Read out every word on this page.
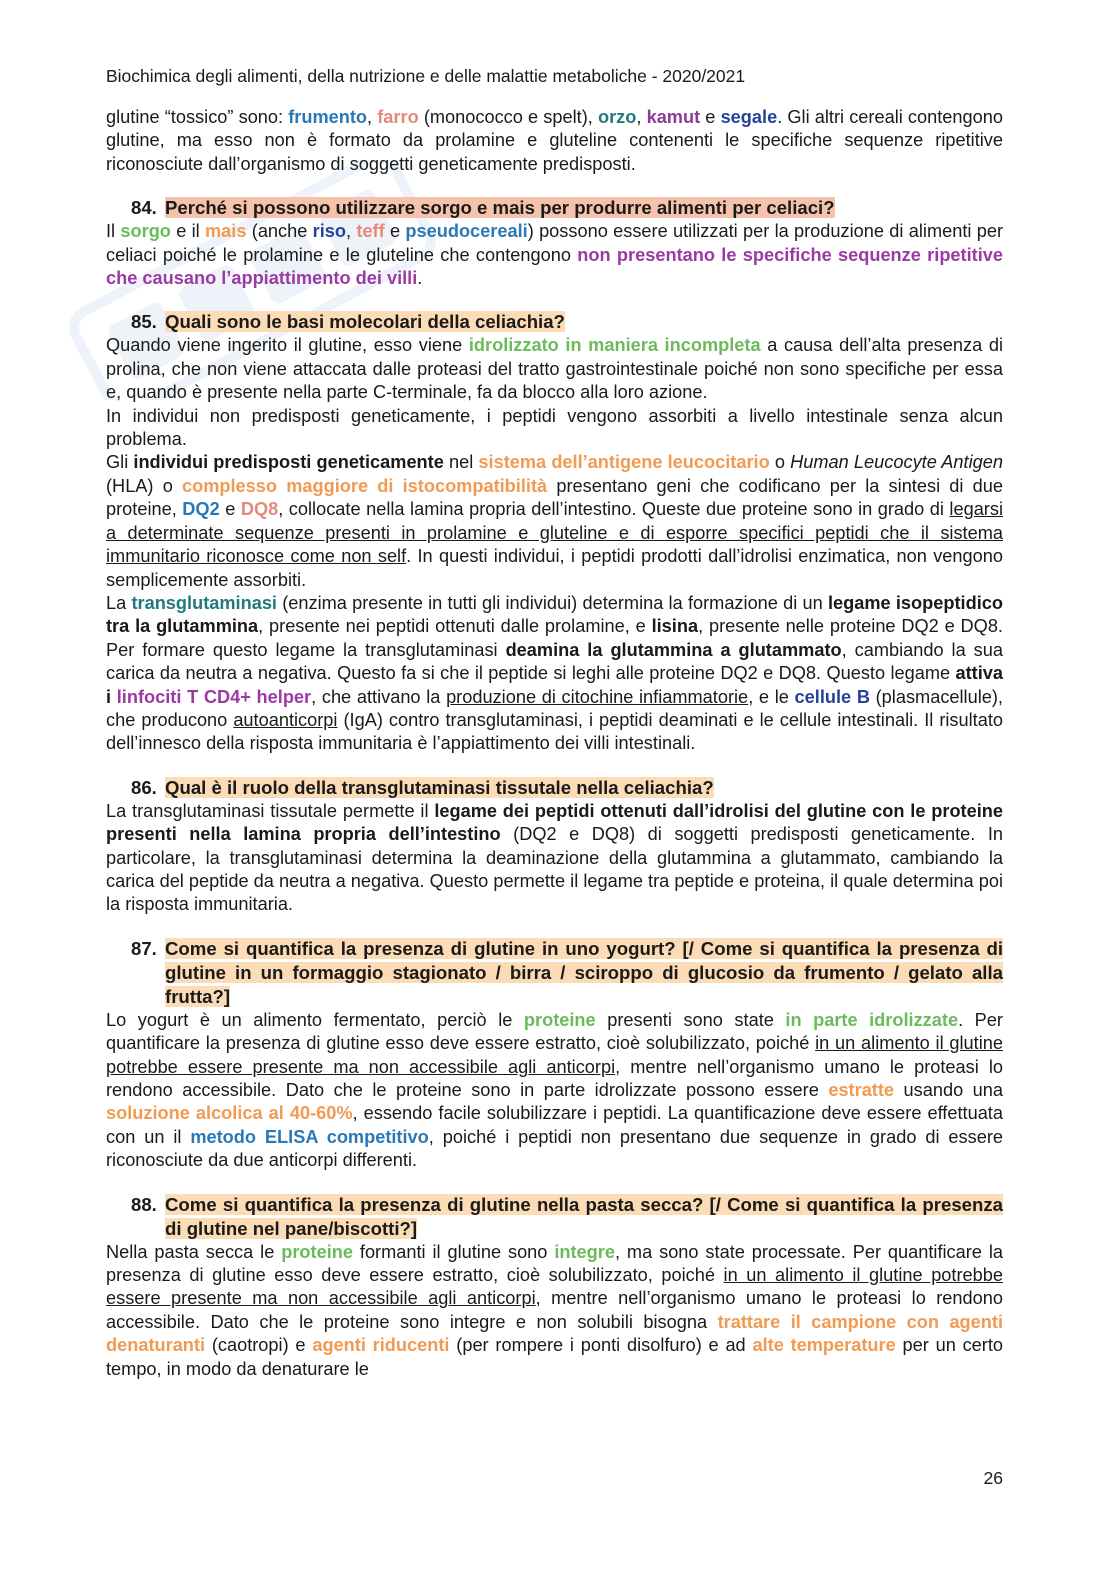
Biochimica degli alimenti, della nutrizione e delle malattie metaboliche - 2020/2021

glutine “tossico” sono: frumento, farro (monococco e spelt), orzo, kamut e segale. Gli altri cereali contengono glutine, ma esso non è formato da prolamine e gluteline contenenti le specifiche sequenze ripetitive riconosciute dall’organismo di soggetti geneticamente predisposti.

84. Perché si possono utilizzare sorgo e mais per produrre alimenti per celiaci?

Il sorgo e il mais (anche riso, teff e pseudocereali) possono essere utilizzati per la produzione di alimenti per celiaci poiché le prolamine e le gluteline che contengono non presentano le specifiche sequenze ripetitive che causano l’appiattimento dei villi.

85. Quali sono le basi molecolari della celiachia?

Quando viene ingerito il glutine, esso viene idrolizzato in maniera incompleta a causa dell’alta presenza di prolina, che non viene attaccata dalle proteasi del tratto gastrointestinale poiché non sono specifiche per essa e, quando è presente nella parte C-terminale, fa da blocco alla loro azione.

In individui non predisposti geneticamente, i peptidi vengono assorbiti a livello intestinale senza alcun problema.

Gli individui predisposti geneticamente nel sistema dell’antigene leucocitario o Human Leucocyte Antigen (HLA) o complesso maggiore di istocompatibilità presentano geni che codificano per la sintesi di due proteine, DQ2 e DQ8, collocate nella lamina propria dell’intestino. Queste due proteine sono in grado di legarsi a determinate sequenze presenti in prolamine e gluteline e di esporre specifici peptidi che il sistema immunitario riconosce come non self. In questi individui, i peptidi prodotti dall’idrolisi enzimatica, non vengono semplicemente assorbiti.

La transglutaminasi (enzima presente in tutti gli individui) determina la formazione di un legame isopeptidico tra la glutammina, presente nei peptidi ottenuti dalle prolamine, e lisina, presente nelle proteine DQ2 e DQ8. Per formare questo legame la transglutaminasi deamina la glutammina a glutammato, cambiando la sua carica da neutra a negativa. Questo fa si che il peptide si leghi alle proteine DQ2 e DQ8. Questo legame attiva i linfociti T CD4+ helper, che attivano la produzione di citochine infiammatorie, e le cellule B (plasmacellule), che producono autoanticorpi (IgA) contro transglutaminasi, i peptidi deaminati e le cellule intestinali. Il risultato dell’innesco della risposta immunitaria è l’appiattimento dei villi intestinali.

86. Qual è il ruolo della transglutaminasi tissutale nella celiachia?

La transglutaminasi tissutale permette il legame dei peptidi ottenuti dall’idrolisi del glutine con le proteine presenti nella lamina propria dell’intestino (DQ2 e DQ8) di soggetti predisposti geneticamente. In particolare, la transglutaminasi determina la deaminazione della glutammina a glutammato, cambiando la carica del peptide da neutra a negativa. Questo permette il legame tra peptide e proteina, il quale determina poi la risposta immunitaria.

87. Come si quantifica la presenza di glutine in uno yogurt? [/ Come si quantifica la presenza di glutine in un formaggio stagionato / birra / sciroppo di glucosio da frumento / gelato alla frutta?]

Lo yogurt è un alimento fermentato, perciò le proteine presenti sono state in parte idrolizzate. Per quantificare la presenza di glutine esso deve essere estratto, cioè solubilizzato, poiché in un alimento il glutine potrebbe essere presente ma non accessibile agli anticorpi, mentre nell’organismo umano le proteasi lo rendono accessibile. Dato che le proteine sono in parte idrolizzate possono essere estratte usando una soluzione alcolica al 40-60%, essendo facile solubilizzare i peptidi. La quantificazione deve essere effettuata con un il metodo ELISA competitivo, poiché i peptidi non presentano due sequenze in grado di essere riconosciute da due anticorpi differenti.

88. Come si quantifica la presenza di glutine nella pasta secca? [/ Come si quantifica la presenza di glutine nel pane/biscotti?]

Nella pasta secca le proteine formanti il glutine sono integre, ma sono state processate. Per quantificare la presenza di glutine esso deve essere estratto, cioè solubilizzato, poiché in un alimento il glutine potrebbe essere presente ma non accessibile agli anticorpi, mentre nell’organismo umano le proteasi lo rendono accessibile. Dato che le proteine sono integre e non solubili bisogna trattare il campione con agenti denaturanti (caotropi) e agenti riducenti (per rompere i ponti disolfuro) e ad alte temperature per un certo tempo, in modo da denaturare le

26
